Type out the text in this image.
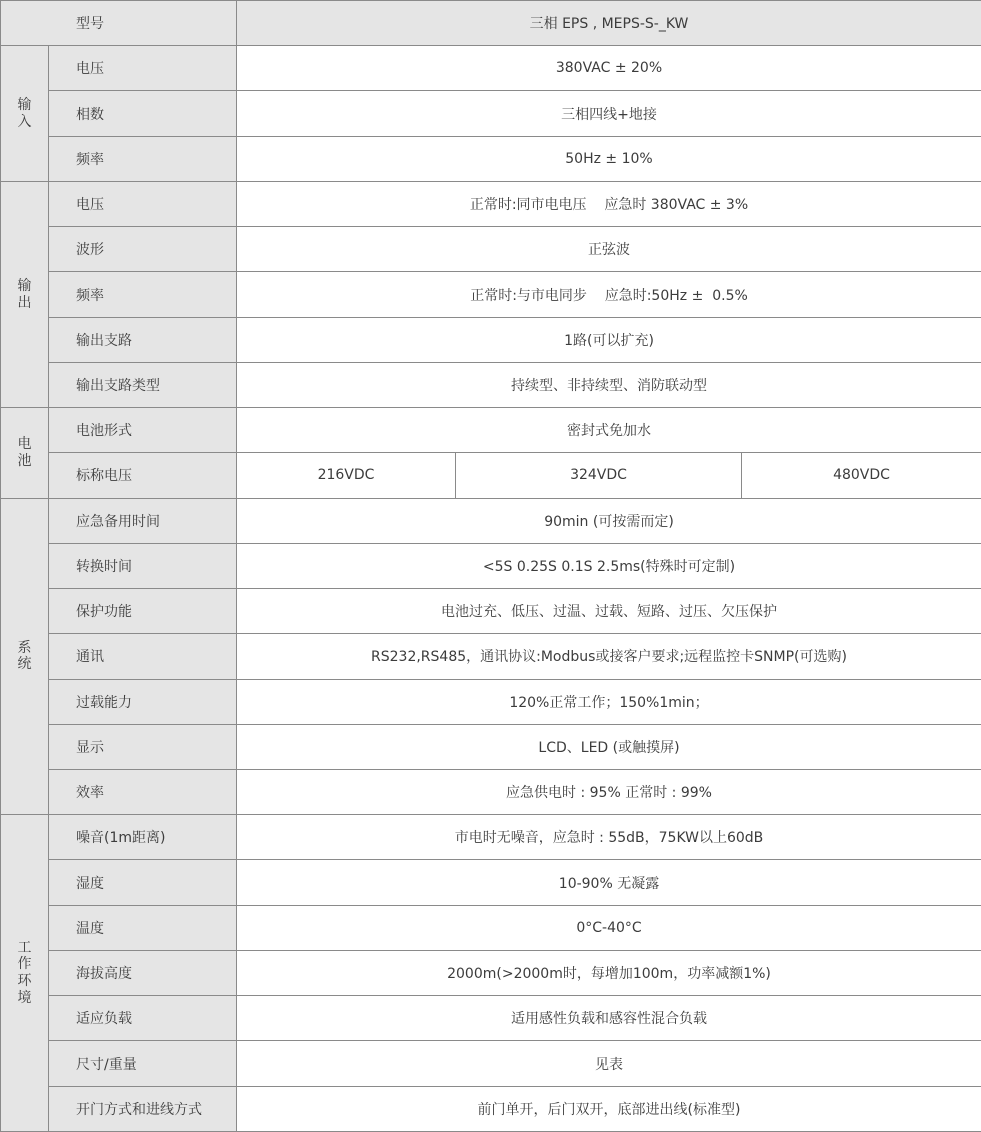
型号		三相 EPS , MEPS-S-_KW		
输入	电压	380VAC ± 20%		
	相数	三相四线+地接		
	频率	50Hz ± 10%		
输出	电压	正常时:同市电电压    应急时 380VAC ± 3%		
	波形	正弦波		
	频率	正常时:与市电同步    应急时:50Hz ±  0.5%		
	输出支路	1路(可以扩充)		
	输出支路类型	持续型、非持续型、消防联动型		
电池	电池形式	密封式免加水		
	标称电压	216VDC	324VDC	480VDC
系统	应急备用时间	90min (可按需而定)		
	转换时间	<5S 0.25S 0.1S 2.5ms(特殊时可定制)		
	保护功能	电池过充、低压、过温、过载、短路、过压、欠压保护		
	通讯	RS232,RS485，通讯协议:Modbus或接客户要求;远程监控卡SNMP(可选购)		
	过载能力	120%正常工作；150%1min；		
	显示	LCD、LED (或触摸屏)		
	效率	应急供电时 : 95% 正常时 : 99%		
工作环境	噪音(1m距离)	市电时无噪音，应急时 : 55dB，75KW以上60dB		
	湿度	10-90% 无凝露		
	温度	0°C-40°C		
	海拔高度	2000m(>2000m时，每增加100m，功率减额1%)		
	适应负载	适用感性负载和感容性混合负载		
	尺寸/重量	见表		
	开门方式和进线方式	前门单开，后门双开，底部进出线(标准型)		
